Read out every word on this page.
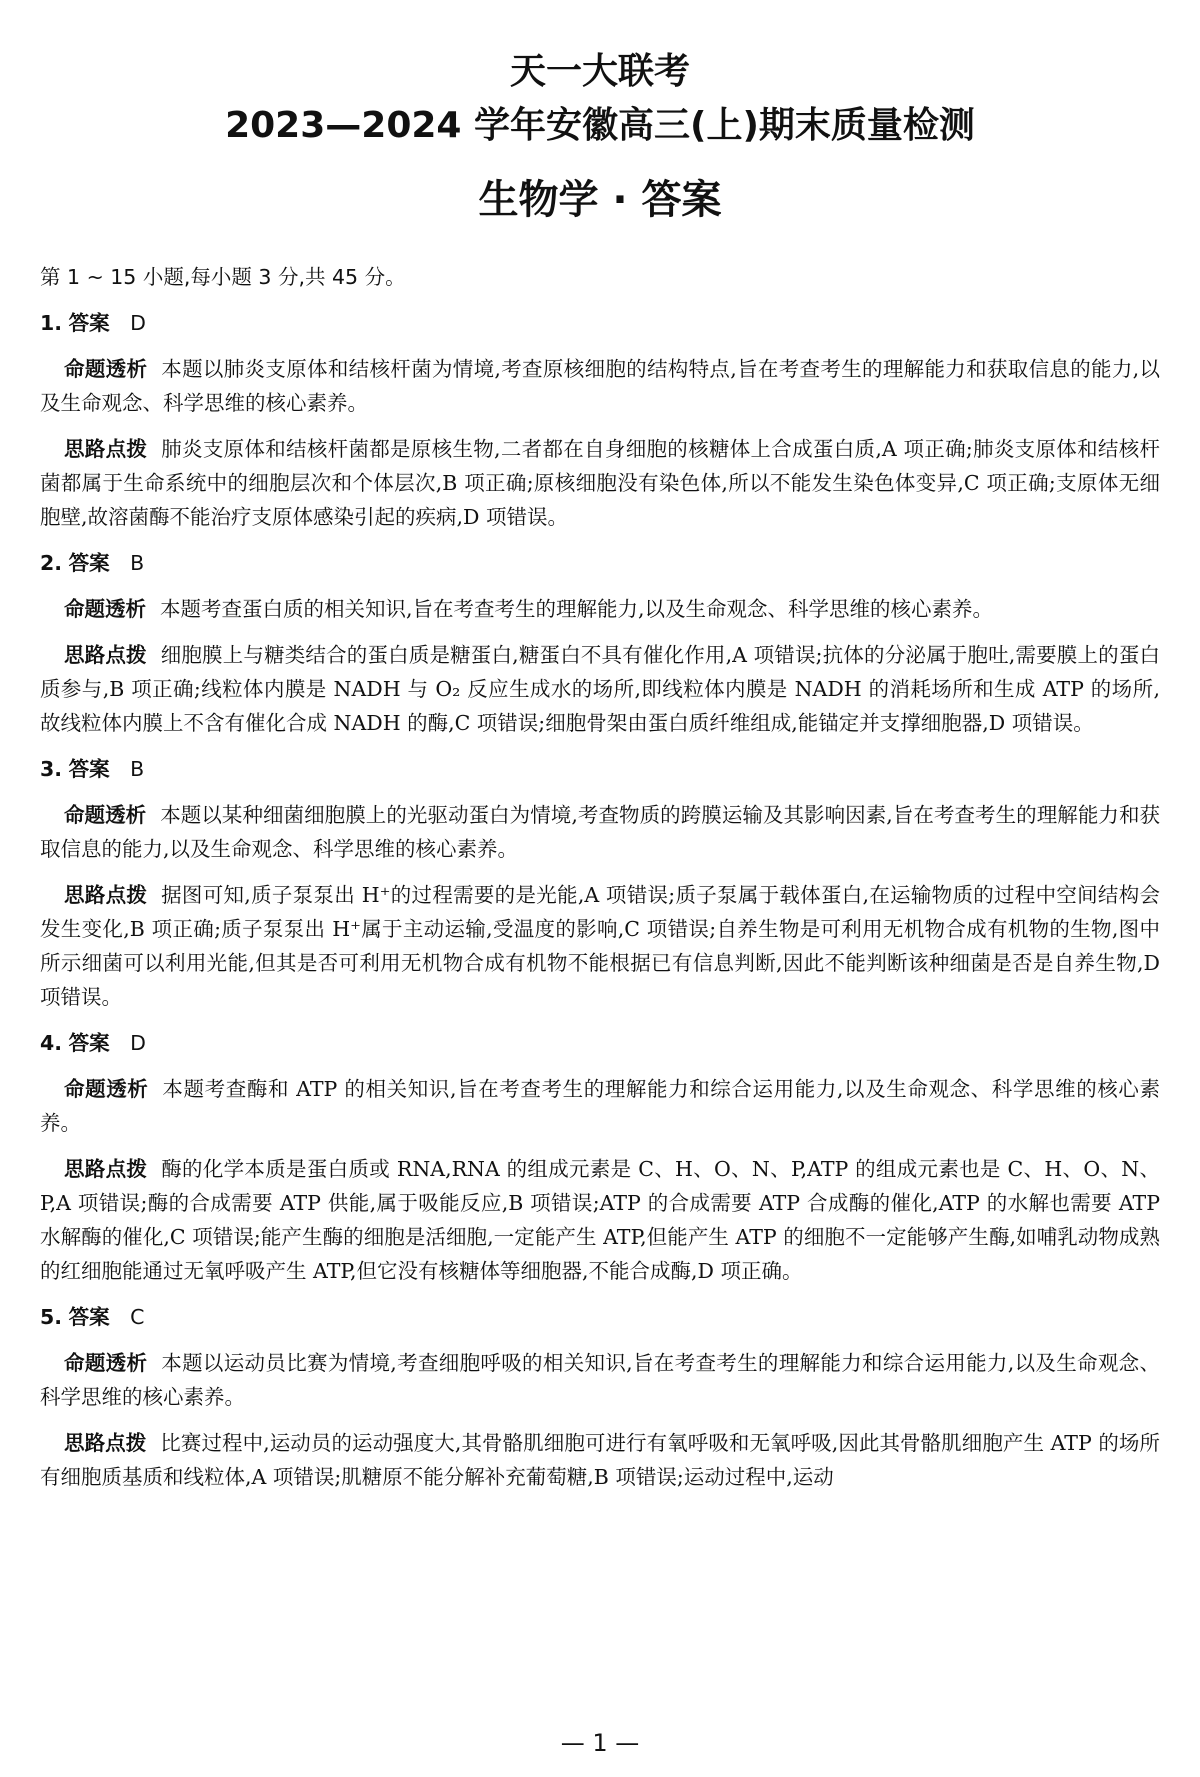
天一大联考
2023—2024 学年安徽高三(上)期末质量检测
生物学 · 答案
第 1 ~ 15 小题,每小题 3 分,共 45 分。
1. 答案 D
命题透析 本题以肺炎支原体和结核杆菌为情境,考查原核细胞的结构特点,旨在考查考生的理解能力和获取信息的能力,以及生命观念、科学思维的核心素养。
思路点拨 肺炎支原体和结核杆菌都是原核生物,二者都在自身细胞的核糖体上合成蛋白质,A 项正确;肺炎支原体和结核杆菌都属于生命系统中的细胞层次和个体层次,B 项正确;原核细胞没有染色体,所以不能发生染色体变异,C 项正确;支原体无细胞壁,故溶菌酶不能治疗支原体感染引起的疾病,D 项错误。
2. 答案 B
命题透析 本题考查蛋白质的相关知识,旨在考查考生的理解能力,以及生命观念、科学思维的核心素养。
思路点拨 细胞膜上与糖类结合的蛋白质是糖蛋白,糖蛋白不具有催化作用,A 项错误;抗体的分泌属于胞吐,需要膜上的蛋白质参与,B 项正确;线粒体内膜是 NADH 与 O₂ 反应生成水的场所,即线粒体内膜是 NADH 的消耗场所和生成 ATP 的场所,故线粒体内膜上不含有催化合成 NADH 的酶,C 项错误;细胞骨架由蛋白质纤维组成,能锚定并支撑细胞器,D 项错误。
3. 答案 B
命题透析 本题以某种细菌细胞膜上的光驱动蛋白为情境,考查物质的跨膜运输及其影响因素,旨在考查考生的理解能力和获取信息的能力,以及生命观念、科学思维的核心素养。
思路点拨 据图可知,质子泵泵出 H⁺的过程需要的是光能,A 项错误;质子泵属于载体蛋白,在运输物质的过程中空间结构会发生变化,B 项正确;质子泵泵出 H⁺属于主动运输,受温度的影响,C 项错误;自养生物是可利用无机物合成有机物的生物,图中所示细菌可以利用光能,但其是否可利用无机物合成有机物不能根据已有信息判断,因此不能判断该种细菌是否是自养生物,D 项错误。
4. 答案 D
命题透析 本题考查酶和 ATP 的相关知识,旨在考查考生的理解能力和综合运用能力,以及生命观念、科学思维的核心素养。
思路点拨 酶的化学本质是蛋白质或 RNA,RNA 的组成元素是 C、H、O、N、P,ATP 的组成元素也是 C、H、O、N、P,A 项错误;酶的合成需要 ATP 供能,属于吸能反应,B 项错误;ATP 的合成需要 ATP 合成酶的催化,ATP 的水解也需要 ATP 水解酶的催化,C 项错误;能产生酶的细胞是活细胞,一定能产生 ATP,但能产生 ATP 的细胞不一定能够产生酶,如哺乳动物成熟的红细胞能通过无氧呼吸产生 ATP,但它没有核糖体等细胞器,不能合成酶,D 项正确。
5. 答案 C
命题透析 本题以运动员比赛为情境,考查细胞呼吸的相关知识,旨在考查考生的理解能力和综合运用能力,以及生命观念、科学思维的核心素养。
思路点拨 比赛过程中,运动员的运动强度大,其骨骼肌细胞可进行有氧呼吸和无氧呼吸,因此其骨骼肌细胞产生 ATP 的场所有细胞质基质和线粒体,A 项错误;肌糖原不能分解补充葡萄糖,B 项错误;运动过程中,运动
— 1 —
